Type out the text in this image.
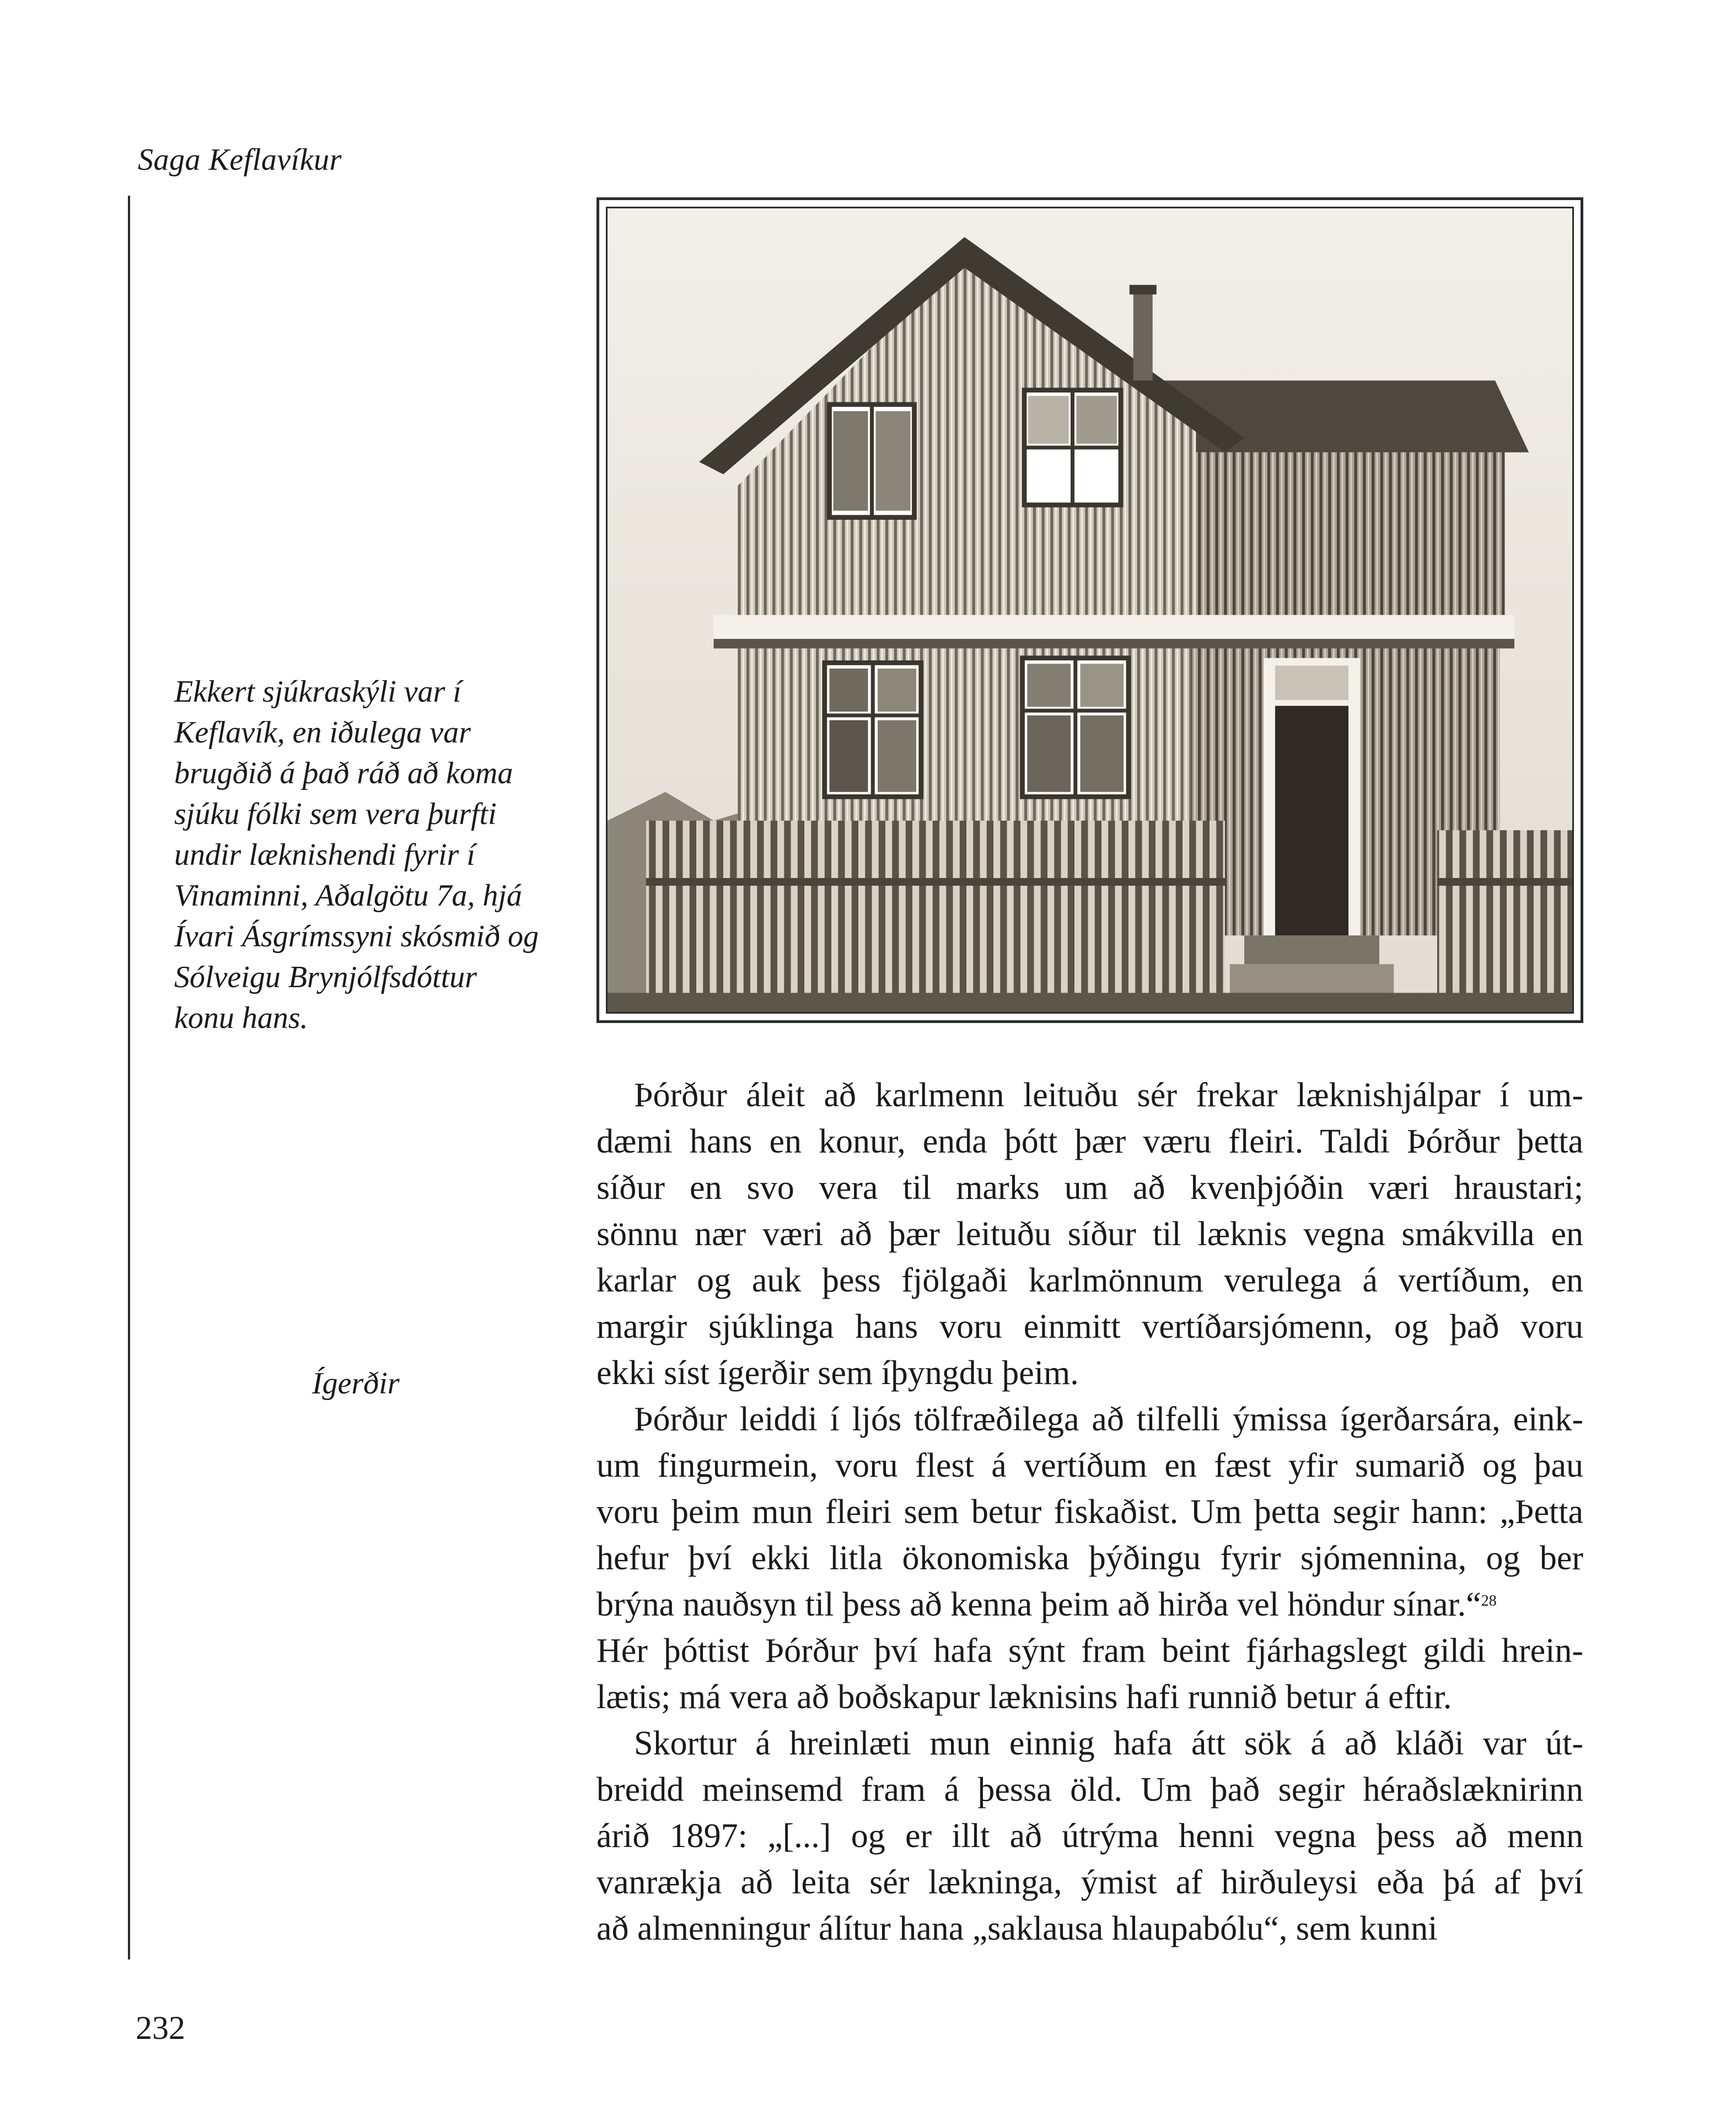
Saga Keflavíkur
Ekkert sjúkraskýli var í
Keflavík, en iðulega var
brugðið á það ráð að koma
sjúku fólki sem vera þurfti
undir læknishendi fyrir í
Vinaminni, Aðalgötu 7a, hjá
Ívari Ásgrímssyni skósmið og
Sólveigu Brynjólfsdóttur
konu hans.
Ígerðir
Þórður áleit að karlmenn leituðu sér frekar læknishjálpar í um-
dæmi hans en konur, enda þótt þær væru fleiri. Taldi Þórður þetta
síður en svo vera til marks um að kvenþjóðin væri hraustari;
sönnu nær væri að þær leituðu síður til læknis vegna smákvilla en
karlar og auk þess fjölgaði karlmönnum verulega á vertíðum, en
margir sjúklinga hans voru einmitt vertíðarsjómenn, og það voru
ekki síst ígerðir sem íþyngdu þeim.
Þórður leiddi í ljós tölfræðilega að tilfelli ýmissa ígerðarsára, eink-
um fingurmein, voru flest á vertíðum en fæst yfir sumarið og þau
voru þeim mun fleiri sem betur fiskaðist. Um þetta segir hann: „Þetta
hefur því ekki litla ökonomiska þýðingu fyrir sjómennina, og ber
brýna nauðsyn til þess að kenna þeim að hirða vel höndur sínar.“ 28
Hér þóttist Þórður því hafa sýnt fram beint fjárhagslegt gildi hrein-
lætis; má vera að boðskapur læknisins hafi runnið betur á eftir.
Skortur á hreinlæti mun einnig hafa átt sök á að kláði var út-
breidd meinsemd fram á þessa öld. Um það segir héraðslæknirinn
árið 1897: „[...] og er illt að útrýma henni vegna þess að menn
vanrækja að leita sér lækninga, ýmist af hirðuleysi eða þá af því
að almenningur álítur hana „saklausa hlaupabólu“, sem kunni
232
